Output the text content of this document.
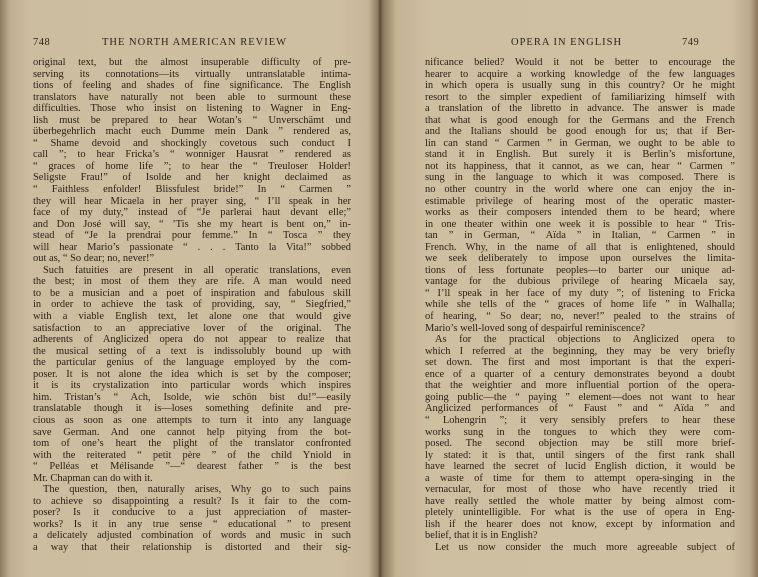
748	THE NORTH AMERICAN REVIEW
original text, but the almost insuperable difficulty of pre-
serving its connotations—its virtually untranslatable intima-
tions of feeling and shades of fine significance. The English
translators have naturally not been able to surmount these
difficulties. Those who insist on listening to Wagner in Eng-
lish must be prepared to hear Wotan’s “ Unverschämt und
überbegehrlich macht euch Dumme mein Dank ” rendered as,
“ Shame devoid and shockingly covetous such conduct I
call ”; to hear Fricka’s “ wonniger Hausrat ” rendered as
“ graces of home life ”; to hear the “ Treuloser Holder!
Seligste Frau!” of Isolde and her knight declaimed as
“ Faithless enfolder! Blissfulest bride!” In “ Carmen ”
they will hear Micaela in her prayer sing, “ I’ll speak in her
face of my duty,” instead of “Je parlerai haut devant elle;”
and Don José will say, “ ’Tis she my heart is bent on,” in-
stead of “Je la prendrai pour femme.” In “ Tosca ” they
will hear Mario’s passionate “ . . . Tanto la Vita!” sobbed
out as, “ So dear; no, never!”
Such fatuities are present in all operatic translations, even
the best; in most of them they are rife. A man would need
to be a musician and a poet of inspiration and fabulous skill
in order to achieve the task of providing, say, “ Siegfried,”
with a viable English text, let alone one that would give
satisfaction to an appreciative lover of the original. The
adherents of Anglicized opera do not appear to realize that
the musical setting of a text is indissolubly bound up with
the particular genius of the language employed by the com-
poser. It is not alone the idea which is set by the composer;
it is its crystalization into particular words which inspires
him. Tristan’s “ Ach, Isolde, wie schön bist du!”—easily
translatable though it is—loses something definite and pre-
cious as soon as one attempts to turn it into any language
save German. And one cannot help pitying from the bot-
tom of one’s heart the plight of the translator confronted
with the reiterated “ petit père ” of the child Yniold in
“ Pelléas et Mélisande ”—“ dearest father ” is the best
Mr. Chapman can do with it.
The question, then, naturally arises, Why go to such pains
to achieve so disappointing a result? Is it fair to the com-
poser? Is it conducive to a just appreciation of master-
works? Is it in any true sense “ educational ” to present
a delicately adjusted combination of words and music in such
a way that their relationship is distorted and their sig-
OPERA IN ENGLISH	749
nificance belied? Would it not be better to encourage the
hearer to acquire a working knowledge of the few languages
in which opera is usually sung in this country? Or he might
resort to the simpler expedient of familiarizing himself with
a translation of the libretto in advance. The answer is made
that what is good enough for the Germans and the French
and the Italians should be good enough for us; that if Ber-
lin can stand “ Carmen ” in German, we ought to be able to
stand it in English. But surely it is Berlin’s misfortune,
not its happiness, that it cannot, as we can, hear “ Carmen ”
sung in the language to which it was composed. There is
no other country in the world where one can enjoy the in-
estimable privilege of hearing most of the operatic master-
works as their composers intended them to be heard; where
in one theater within one week it is possible to hear “ Tris-
tan ” in German, “ Aïda ” in Italian, “ Carmen ” in
French. Why, in the name of all that is enlightened, should
we seek deliberately to impose upon ourselves the limita-
tions of less fortunate peoples—to barter our unique ad-
vantage for the dubious privilege of hearing Micaela say,
“ I’ll speak in her face of my duty ”; of listening to Fricka
while she tells of the “ graces of home life ” in Walhalla;
of hearing, “ So dear; no, never!” pealed to the strains of
Mario’s well-loved song of despairful reminiscence?
As for the practical objections to Anglicized opera to
which I referred at the beginning, they may be very briefly
set down. The first and most important is that the experi-
ence of a quarter of a century demonstrates beyond a doubt
that the weightier and more influential portion of the opera-
going public—the “ paying ” element—does not want to hear
Anglicized performances of “ Faust ” and “ Aïda ” and
“ Lohengrin ”; it very sensibly prefers to hear these
works sung in the tongues to which they were com-
posed. The second objection may be still more brief-
ly stated: it is that, until singers of the first rank shall
have learned the secret of lucid English diction, it would be
a waste of time for them to attempt opera-singing in the
vernacular, for most of those who have recently tried it
have really settled the whole matter by being almost com-
pletely unintelligible. For what is the use of opera in Eng-
lish if the hearer does not know, except by information and
belief, that it is in English?
Let us now consider the much more agreeable subject of
